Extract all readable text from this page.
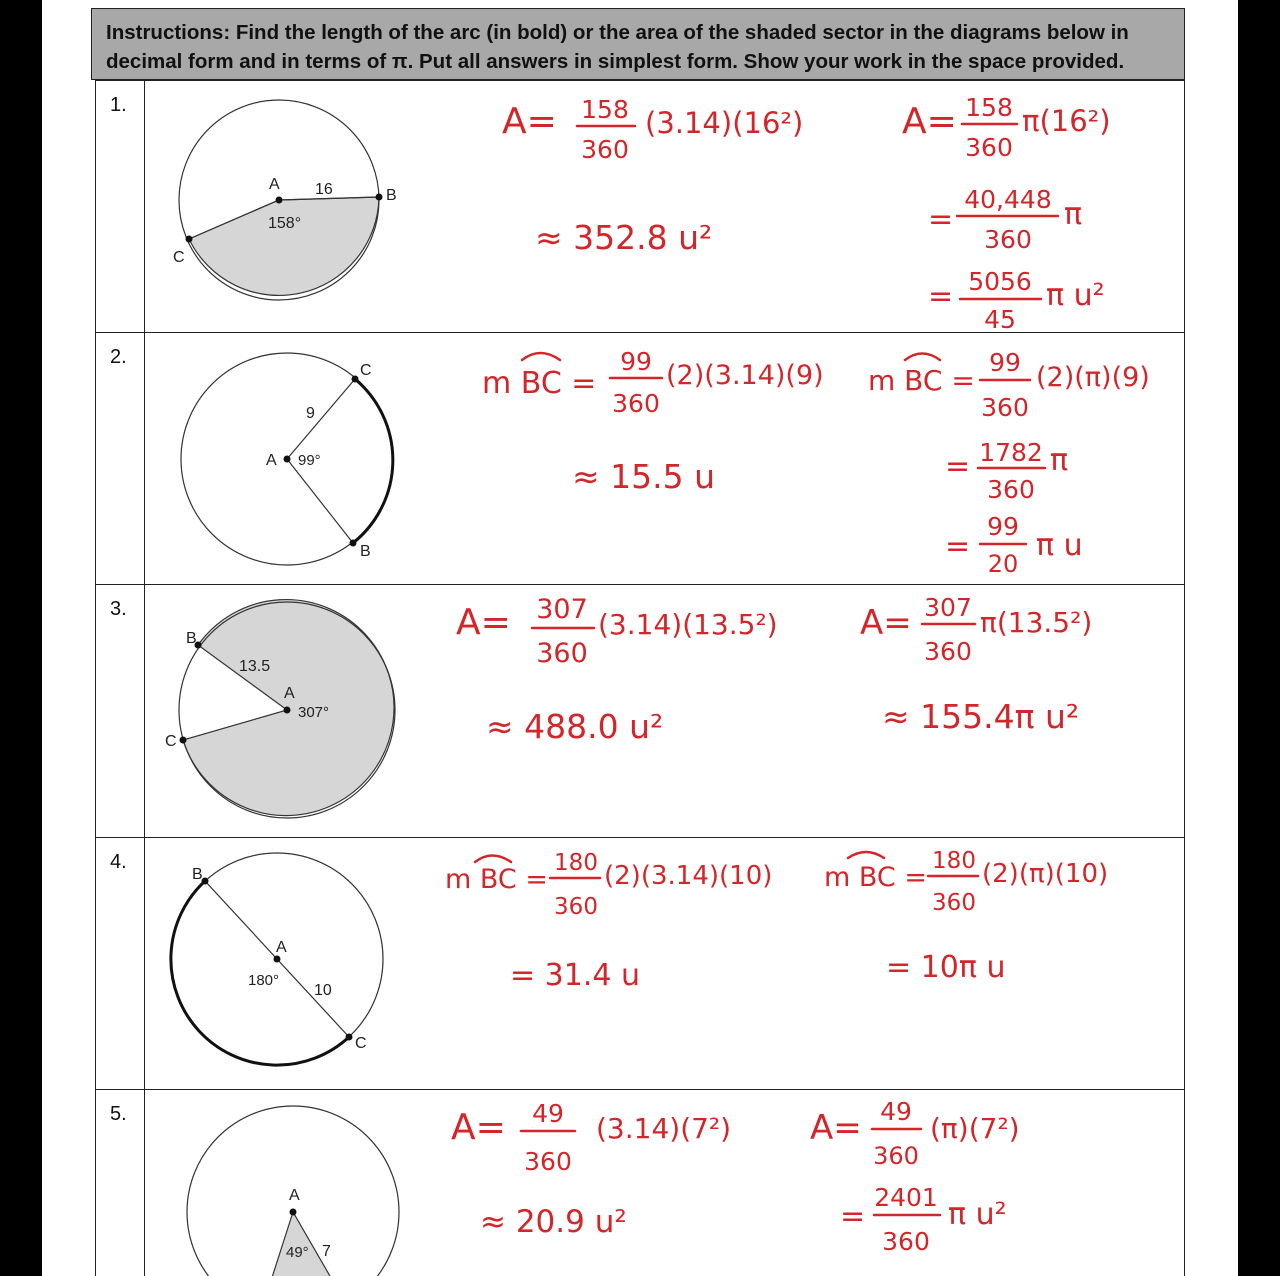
Instructions: Find the length of the arc (in bold) or the area of the shaded sector in the diagrams below in decimal form and in terms of π. Put all answers in simplest form. Show your work in the space provided.
1.
2.
3.
4.
5.
A
B
C
16
158°
A
B
C
9
99°
A
B
C
13.5
307°
A
B
C
10
180°
A
49° 7
A= 158
360
(3.14)(16²)
≈ 352.8 u²
A= 158
360
π(16²)
=
40,448
360
π
= 5056
45
π u²
m BC =
99
360
(2)(3.14)(9)
≈ 15.5 u
m BC =
99
360
(2)(π)(9)
= 1782
360
π
=
99
20
π u
A= 307
360
(3.14)(13.5²)
≈ 488.0 u²
A= 307
360
π(13.5²)
≈ 155.4π u²
m BC =
180
360
(2)(3.14)(10)
= 31.4 u
m BC =
180
360
(2)(π)(10)
= 10π u
A= 49
360
(3.14)(7²)
≈ 20.9 u²
A= 49
360
(π)(7²)
=
2401
360
π u²
